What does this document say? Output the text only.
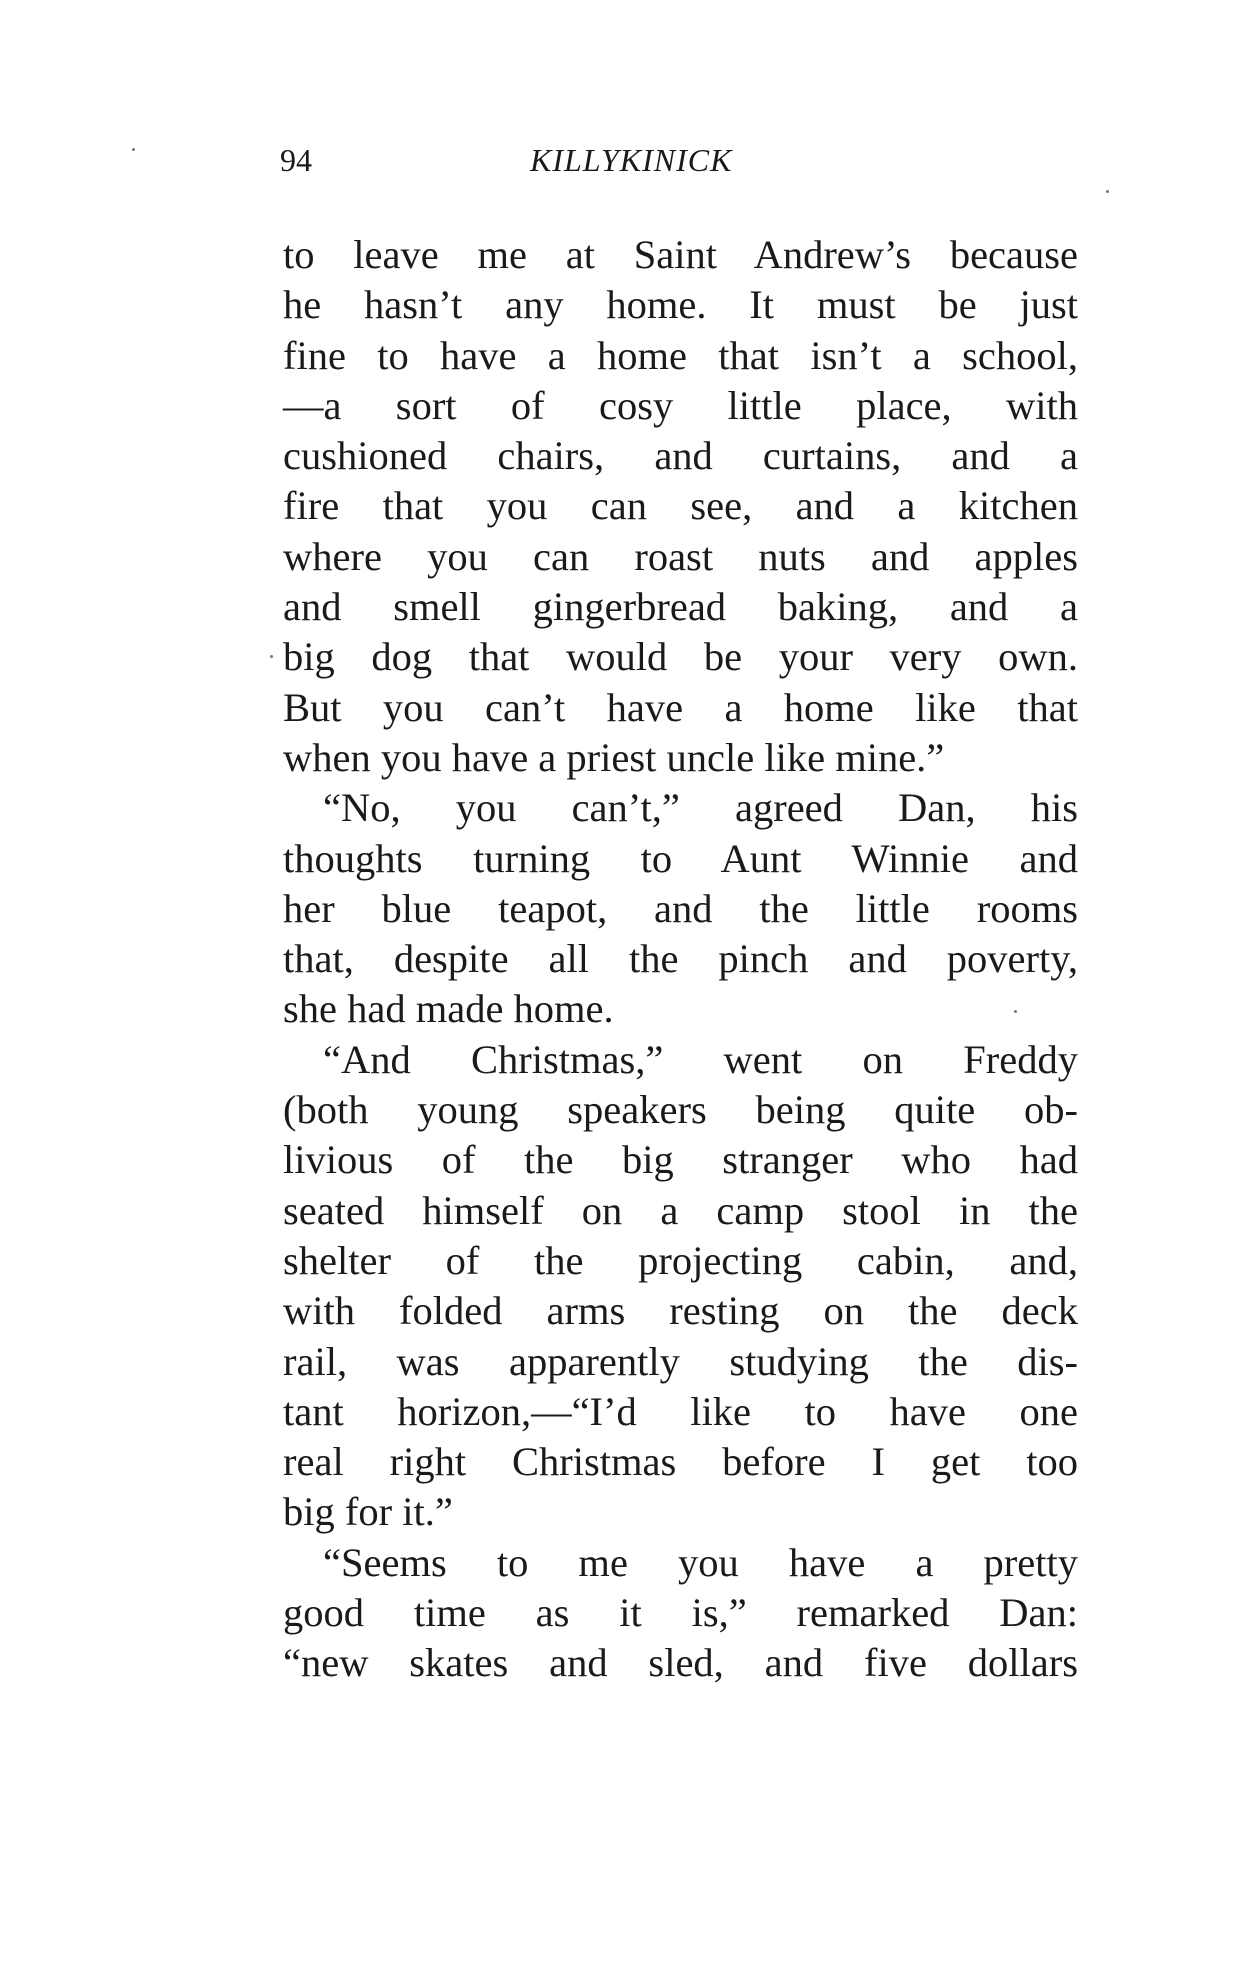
94	KILLYKINICK
to leave me at Saint Andrew’s because
he hasn’t any home. It must be just
fine to have a home that isn’t a school,
—a sort of cosy little place, with
cushioned chairs, and curtains, and a
fire that you can see, and a kitchen
where you can roast nuts and apples
and smell gingerbread baking, and a
big dog that would be your very own.
But you can’t have a home like that
when you have a priest uncle like mine.”
“No, you can’t,” agreed Dan, his
thoughts turning to Aunt Winnie and
her blue teapot, and the little rooms
that, despite all the pinch and poverty,
she had made home.
“And Christmas,” went on Freddy
(both young speakers being quite ob-
livious of the big stranger who had
seated himself on a camp stool in the
shelter of the projecting cabin, and,
with folded arms resting on the deck
rail, was apparently studying the dis-
tant horizon,—“I’d like to have one
real right Christmas before I get too
big for it.”
“Seems to me you have a pretty
good time as it is,” remarked Dan:
“new skates and sled, and five dollars
